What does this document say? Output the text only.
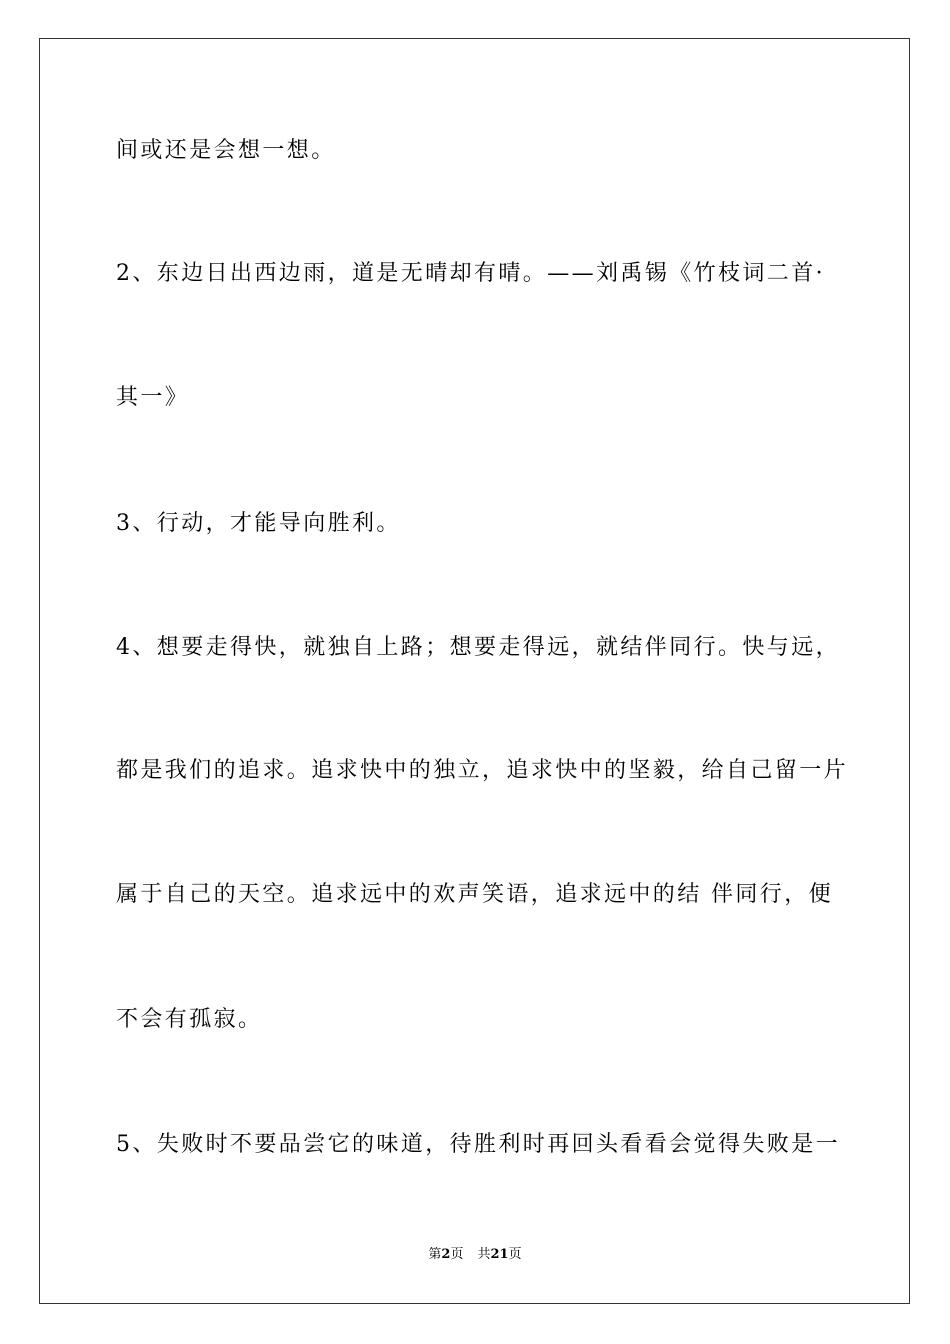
间或还是会想一想。

2、东边日出西边雨，道是无晴却有晴。——刘禹锡《竹枝词二首·

其一》

3、行动，才能导向胜利。

4、想要走得快，就独自上路；想要走得远，就结伴同行。快与远，

都是我们的追求。追求快中的独立，追求快中的坚毅，给自己留一片

属于自己的天空。追求远中的欢声笑语，追求远中的结 伴同行，便

不会有孤寂。

5、失败时不要品尝它的味道，待胜利时再回头看看会觉得失败是一

第2页 共21页
